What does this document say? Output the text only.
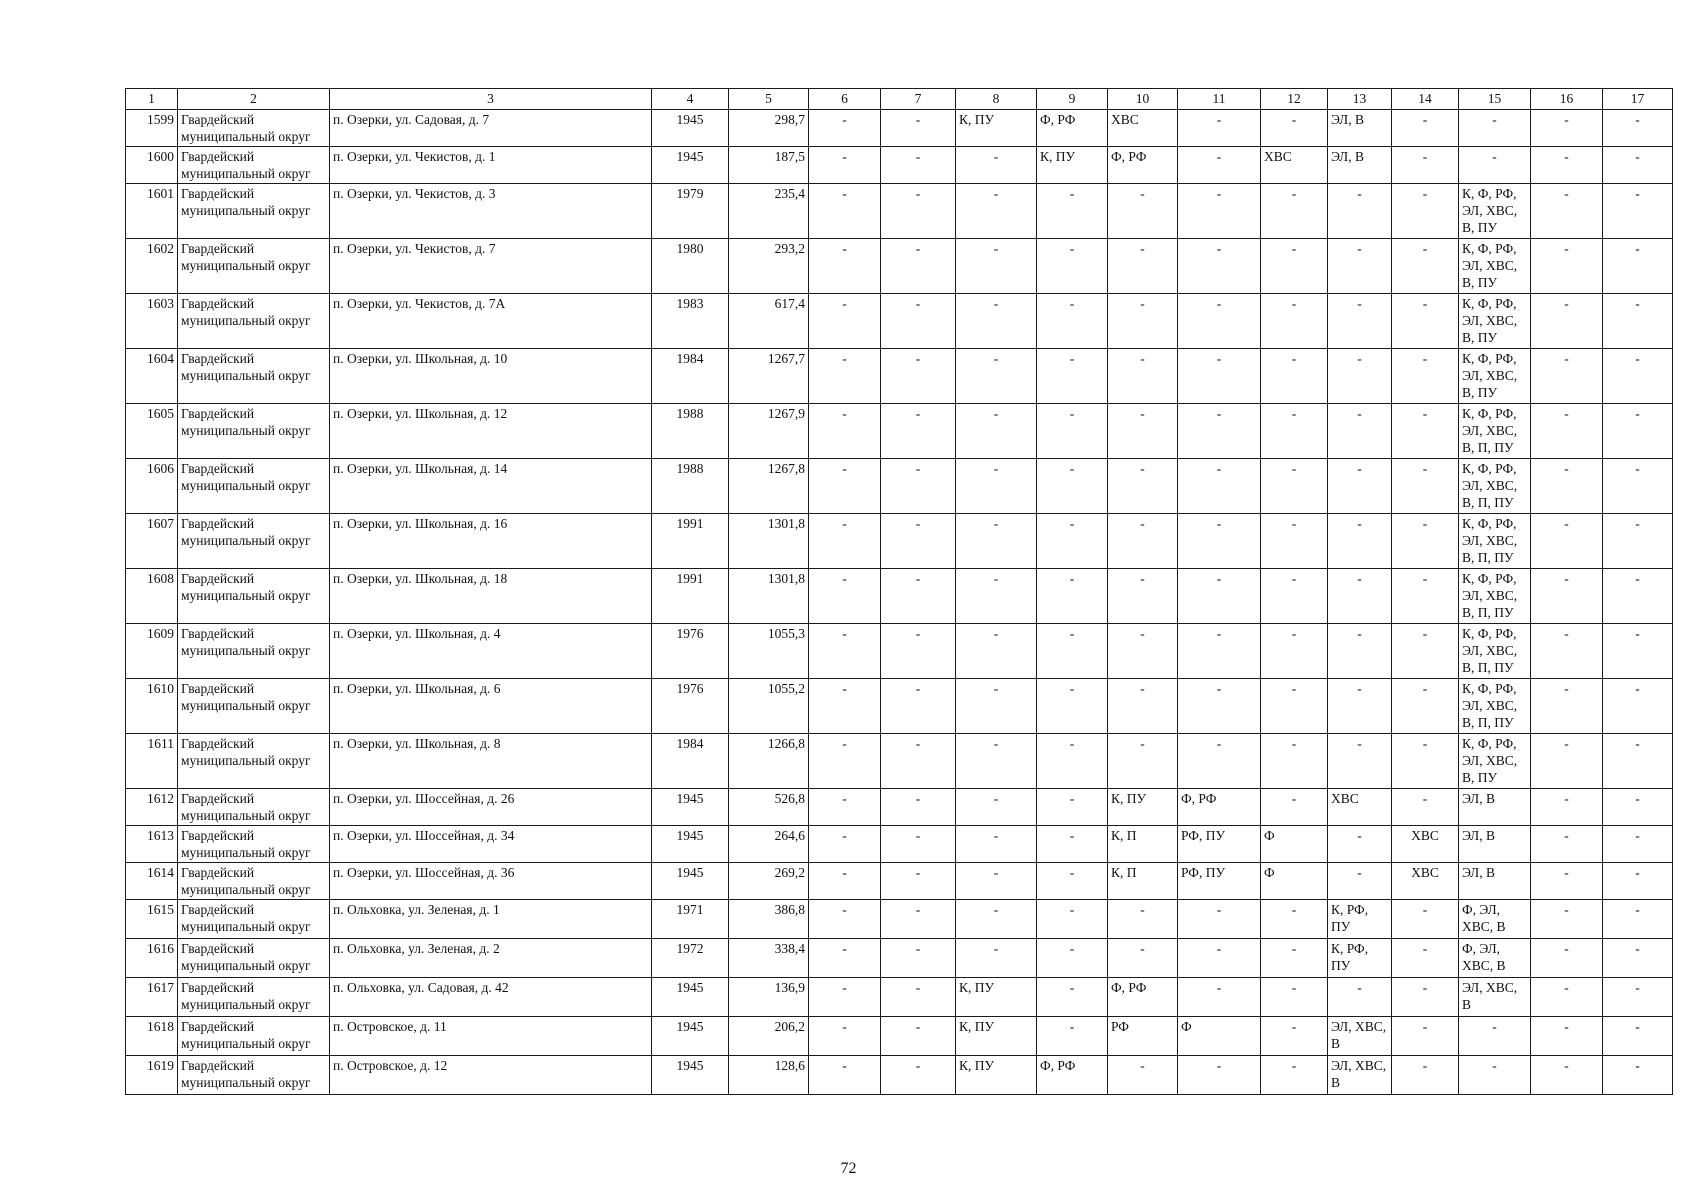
1	2	3	4	5	6	7	8	9	10	11	12	13	14	15	16	17
1599	Гвардейский муниципальный округ	п. Озерки, ул. Садовая, д. 7	1945	298,7	-	-	К, ПУ	Ф, РФ	ХВС	-	-	ЭЛ, В	-	-	-	-
1600	Гвардейский муниципальный округ	п. Озерки, ул. Чекистов, д. 1	1945	187,5	-	-	-	К, ПУ	Ф, РФ	-	ХВС	ЭЛ, В	-	-	-	-
1601	Гвардейский муниципальный округ	п. Озерки, ул. Чекистов, д. 3	1979	235,4	-	-	-	-	-	-	-	-	-	К, Ф, РФ, ЭЛ, ХВС, В, ПУ	-	-
1602	Гвардейский муниципальный округ	п. Озерки, ул. Чекистов, д. 7	1980	293,2	-	-	-	-	-	-	-	-	-	К, Ф, РФ, ЭЛ, ХВС, В, ПУ	-	-
1603	Гвардейский муниципальный округ	п. Озерки, ул. Чекистов, д. 7А	1983	617,4	-	-	-	-	-	-	-	-	-	К, Ф, РФ, ЭЛ, ХВС, В, ПУ	-	-
1604	Гвардейский муниципальный округ	п. Озерки, ул. Школьная, д. 10	1984	1267,7	-	-	-	-	-	-	-	-	-	К, Ф, РФ, ЭЛ, ХВС, В, ПУ	-	-
1605	Гвардейский муниципальный округ	п. Озерки, ул. Школьная, д. 12	1988	1267,9	-	-	-	-	-	-	-	-	-	К, Ф, РФ, ЭЛ, ХВС, В, П, ПУ	-	-
1606	Гвардейский муниципальный округ	п. Озерки, ул. Школьная, д. 14	1988	1267,8	-	-	-	-	-	-	-	-	-	К, Ф, РФ, ЭЛ, ХВС, В, П, ПУ	-	-
1607	Гвардейский муниципальный округ	п. Озерки, ул. Школьная, д. 16	1991	1301,8	-	-	-	-	-	-	-	-	-	К, Ф, РФ, ЭЛ, ХВС, В, П, ПУ	-	-
1608	Гвардейский муниципальный округ	п. Озерки, ул. Школьная, д. 18	1991	1301,8	-	-	-	-	-	-	-	-	-	К, Ф, РФ, ЭЛ, ХВС, В, П, ПУ	-	-
1609	Гвардейский муниципальный округ	п. Озерки, ул. Школьная, д. 4	1976	1055,3	-	-	-	-	-	-	-	-	-	К, Ф, РФ, ЭЛ, ХВС, В, П, ПУ	-	-
1610	Гвардейский муниципальный округ	п. Озерки, ул. Школьная, д. 6	1976	1055,2	-	-	-	-	-	-	-	-	-	К, Ф, РФ, ЭЛ, ХВС, В, П, ПУ	-	-
1611	Гвардейский муниципальный округ	п. Озерки, ул. Школьная, д. 8	1984	1266,8	-	-	-	-	-	-	-	-	-	К, Ф, РФ, ЭЛ, ХВС, В, ПУ	-	-
1612	Гвардейский муниципальный округ	п. Озерки, ул. Шоссейная, д. 26	1945	526,8	-	-	-	-	К, ПУ	Ф, РФ	-	ХВС	-	ЭЛ, В	-	-
1613	Гвардейский муниципальный округ	п. Озерки, ул. Шоссейная, д. 34	1945	264,6	-	-	-	-	К, П	РФ, ПУ	Ф	-	ХВС	ЭЛ, В	-	-
1614	Гвардейский муниципальный округ	п. Озерки, ул. Шоссейная, д. 36	1945	269,2	-	-	-	-	К, П	РФ, ПУ	Ф	-	ХВС	ЭЛ, В	-	-
1615	Гвардейский муниципальный округ	п. Ольховка, ул. Зеленая, д. 1	1971	386,8	-	-	-	-	-	-	-	К, РФ, ПУ	-	Ф, ЭЛ, ХВС, В	-	-
1616	Гвардейский муниципальный округ	п. Ольховка, ул. Зеленая, д. 2	1972	338,4	-	-	-	-	-	-	-	К, РФ, ПУ	-	Ф, ЭЛ, ХВС, В	-	-
1617	Гвардейский муниципальный округ	п. Ольховка, ул. Садовая, д. 42	1945	136,9	-	-	К, ПУ	-	Ф, РФ	-	-	-	-	ЭЛ, ХВС, В	-	-
1618	Гвардейский муниципальный округ	п. Островское, д. 11	1945	206,2	-	-	К, ПУ	-	РФ	Ф	-	ЭЛ, ХВС, В	-	-	-	-
1619	Гвардейский муниципальный округ	п. Островское, д. 12	1945	128,6	-	-	К, ПУ	Ф, РФ	-	-	-	ЭЛ, ХВС, В	-	-	-	-
72
